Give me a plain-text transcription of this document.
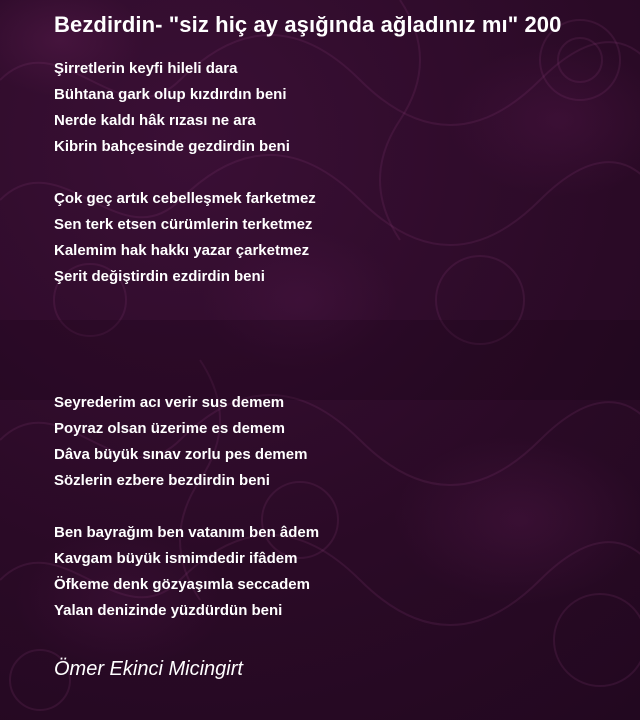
Bezdirdin- "siz hiç ay aşığında ağladınız mı" 200
Şirretlerin keyfi hileli dara
Bühtana gark olup kızdırdın beni
Nerde kaldı hâk rızası ne ara
Kibrin bahçesinde gezdirdin beni
Çok geç artık cebelleşmek farketmez
Sen terk etsen cürümlerin terketmez
Kalemim hak hakkı yazar çarketmez
Şerit değiştirdin ezdirdin beni
Seyrederim acı verir sus demem
Poyraz olsan üzerime es demem
Dâva büyük sınav zorlu pes demem
Sözlerin ezbere bezdirdin beni
Ben bayrağım ben vatanım ben âdem
Kavgam büyük ismimdedir ifâdem
Öfkeme denk gözyaşımla seccadem
Yalan denizinde yüzdürdün beni
Ömer Ekinci Micingirt
